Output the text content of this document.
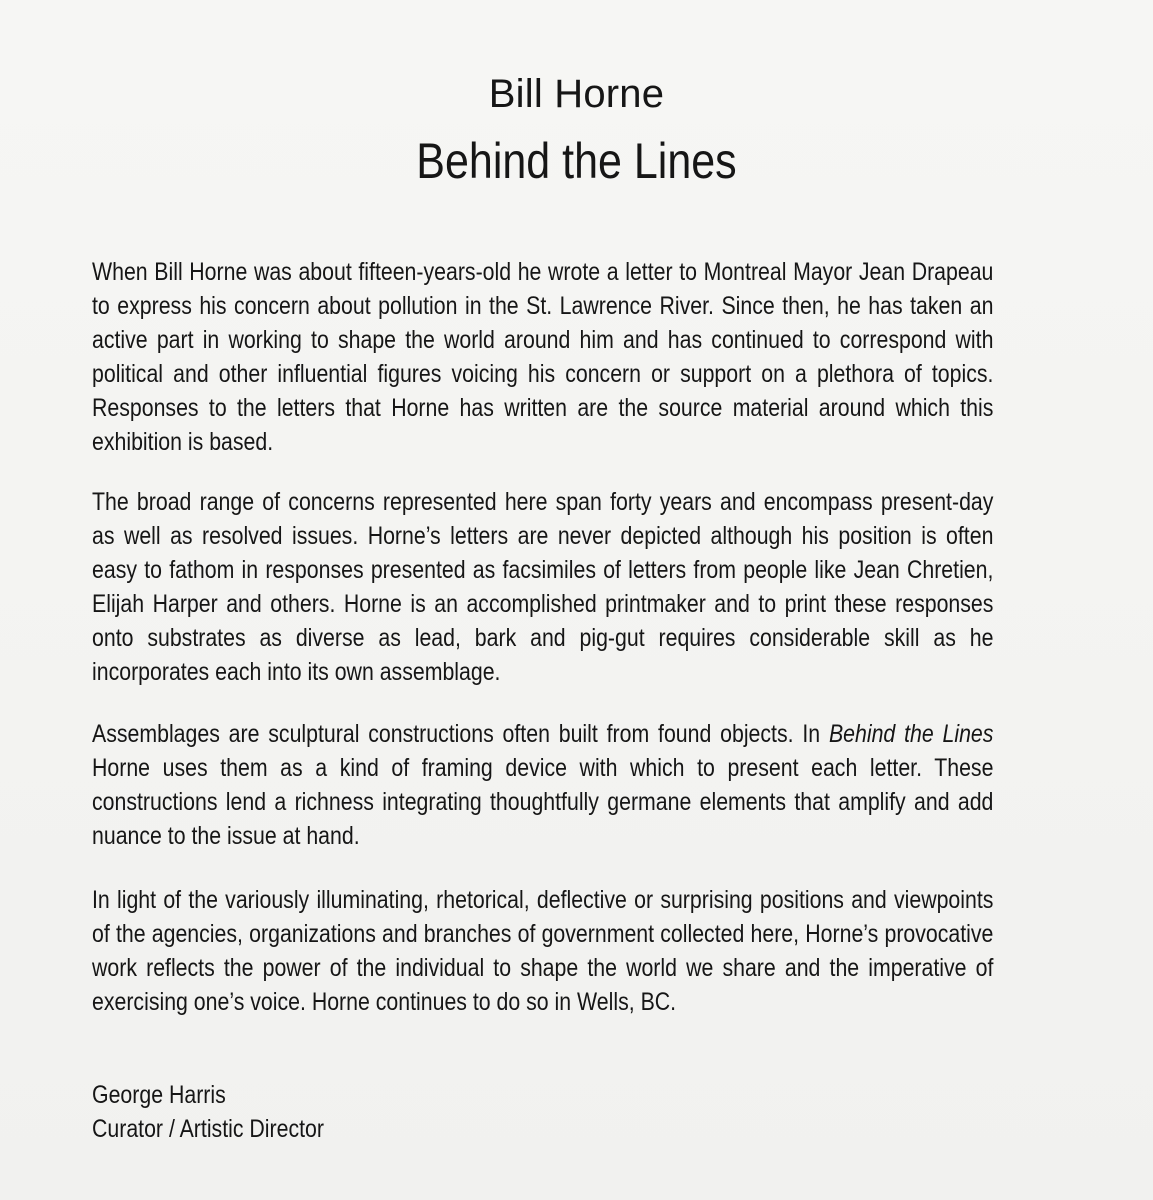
Bill Horne
Behind the Lines

When Bill Horne was about fifteen-years-old he wrote a letter to Montreal Mayor Jean Drapeau to express his concern about pollution in the St. Lawrence River. Since then, he has taken an active part in working to shape the world around him and has continued to correspond with political and other influential figures voicing his concern or support on a plethora of topics. Responses to the letters that Horne has written are the source material around which this exhibition is based.

The broad range of concerns represented here span forty years and encompass present-day as well as resolved issues. Horne’s letters are never depicted although his position is often easy to fathom in responses presented as facsimiles of letters from people like Jean Chretien, Elijah Harper and others. Horne is an accomplished printmaker and to print these responses onto substrates as diverse as lead, bark and pig-gut requires considerable skill as he incorporates each into its own assemblage.

Assemblages are sculptural constructions often built from found objects. In Behind the Lines Horne uses them as a kind of framing device with which to present each letter. These constructions lend a richness integrating thoughtfully germane elements that amplify and add nuance to the issue at hand.

In light of the variously illuminating, rhetorical, deflective or surprising positions and viewpoints of the agencies, organizations and branches of government collected here, Horne’s provocative work reflects the power of the individual to shape the world we share and the imperative of exercising one’s voice. Horne continues to do so in Wells, BC.

George Harris
Curator / Artistic Director
